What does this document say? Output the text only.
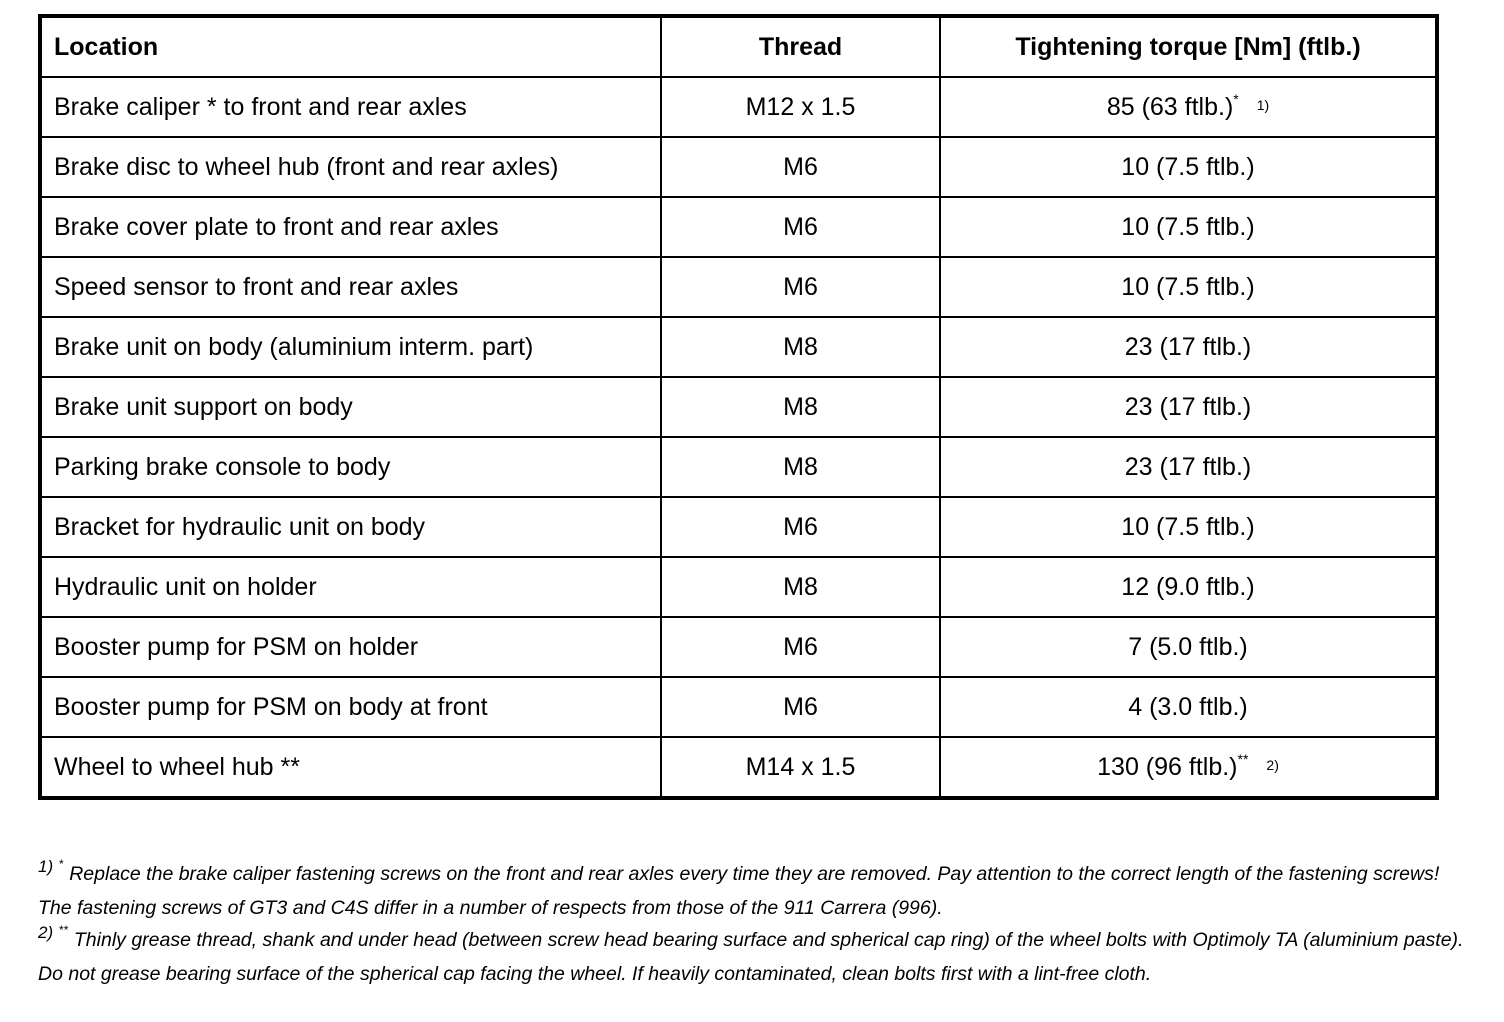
Location	Thread	Tightening torque [Nm] (ftlb.)
Brake caliper * to front and rear axles	M12 x 1.5	85 (63 ftlb.)* $^{1)}$
Brake disc to wheel hub (front and rear axles)	M6	10 (7.5 ftlb.)
Brake cover plate to front and rear axles	M6	10 (7.5 ftlb.)
Speed sensor to front and rear axles	M6	10 (7.5 ftlb.)
Brake unit on body (aluminium interm. part)	M8	23 (17 ftlb.)
Brake unit support on body	M8	23 (17 ftlb.)
Parking brake console to body	M8	23 (17 ftlb.)
Bracket for hydraulic unit on body	M6	10 (7.5 ftlb.)
Hydraulic unit on holder	M8	12 (9.0 ftlb.)
Booster pump for PSM on holder	M6	7 (5.0 ftlb.)
Booster pump for PSM on body at front	M6	4 (3.0 ftlb.)
Wheel to wheel hub **	M14 x 1.5	130 (96 ftlb.)** $^{2)}$

1) * Replace the brake caliper fastening screws on the front and rear axles every time they are removed. Pay attention to the correct length of the fastening screws! The fastening screws of GT3 and C4S differ in a number of respects from those of the 911 Carrera (996).

2) ** Thinly grease thread, shank and under head (between screw head bearing surface and spherical cap ring) of the wheel bolts with Optimoly TA (aluminium paste). Do not grease bearing surface of the spherical cap facing the wheel. If heavily contaminated, clean bolts first with a lint-free cloth.
